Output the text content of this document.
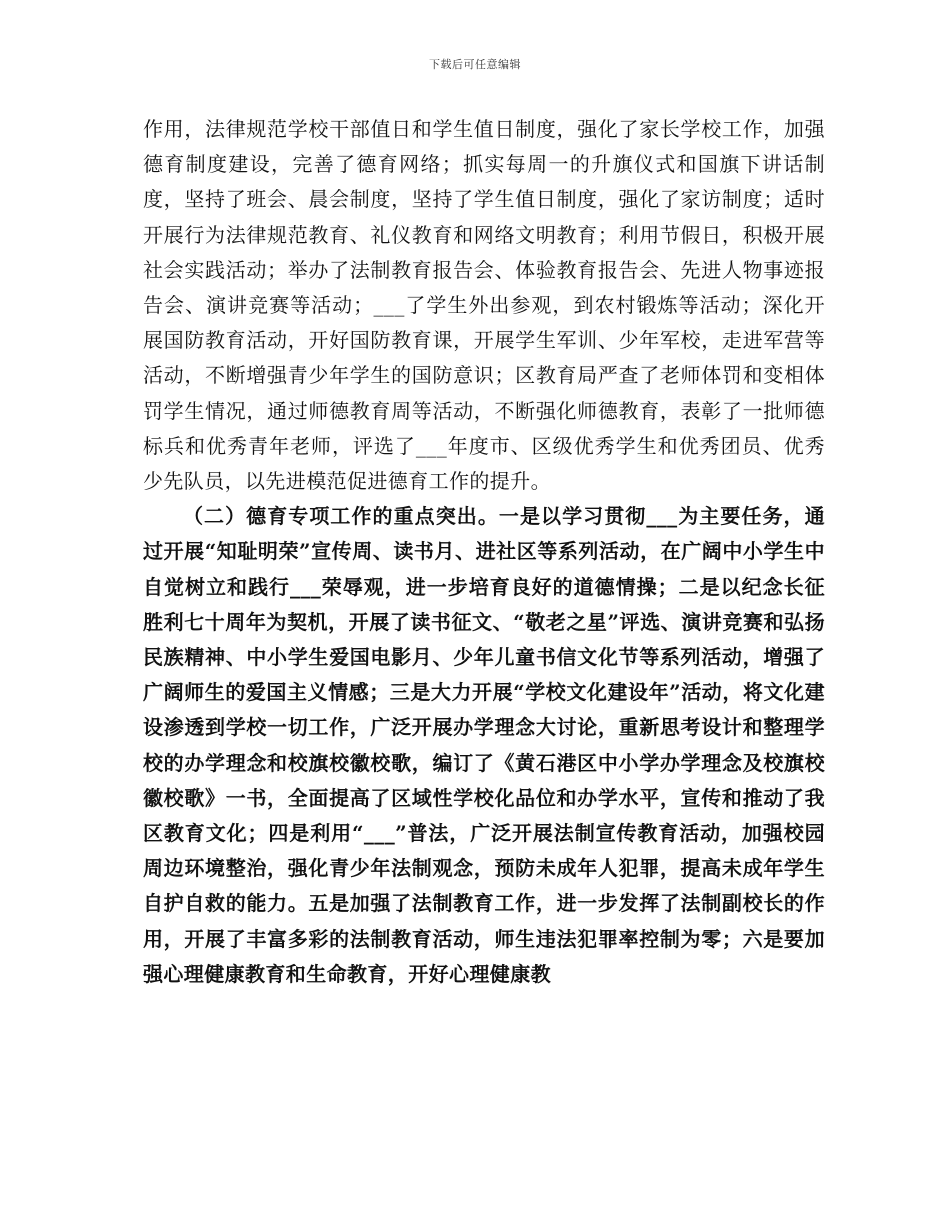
下载后可任意编辑

作用，法律规范学校干部值日和学生值日制度，强化了家长学校工作，加强德育制度建设，完善了德育网络；抓实每周一的升旗仪式和国旗下讲话制度，坚持了班会、晨会制度，坚持了学生值日制度，强化了家访制度；适时开展行为法律规范教育、礼仪教育和网络文明教育；利用节假日，积极开展社会实践活动；举办了法制教育报告会、体验教育报告会、先进人物事迹报告会、演讲竞赛等活动；___了学生外出参观，到农村锻炼等活动；深化开展国防教育活动，开好国防教育课，开展学生军训、少年军校，走进军营等活动，不断增强青少年学生的国防意识；区教育局严查了老师体罚和变相体罚学生情况，通过师德教育周等活动，不断强化师德教育，表彰了一批师德标兵和优秀青年老师，评选了___年度市、区级优秀学生和优秀团员、优秀少先队员，以先进模范促进德育工作的提升。

（二）德育专项工作的重点突出。一是以学习贯彻___为主要任务，通过开展“知耻明荣”宣传周、读书月、进社区等系列活动，在广阔中小学生中自觉树立和践行___荣辱观，进一步培育良好的道德情操；二是以纪念长征胜利七十周年为契机，开展了读书征文、“敬老之星”评选、演讲竞赛和弘扬民族精神、中小学生爱国电影月、少年儿童书信文化节等系列活动，增强了广阔师生的爱国主义情感；三是大力开展“学校文化建设年”活动，将文化建设渗透到学校一切工作，广泛开展办学理念大讨论，重新思考设计和整理学校的办学理念和校旗校徽校歌，编订了《黄石港区中小学办学理念及校旗校徽校歌》一书，全面提高了区域性学校化品位和办学水平，宣传和推动了我区教育文化；四是利用“___”普法，广泛开展法制宣传教育活动，加强校园周边环境整治，强化青少年法制观念，预防未成年人犯罪，提高未成年学生自护自救的能力。五是加强了法制教育工作，进一步发挥了法制副校长的作用，开展了丰富多彩的法制教育活动，师生违法犯罪率控制为零；六是要加强心理健康教育和生命教育，开好心理健康教
